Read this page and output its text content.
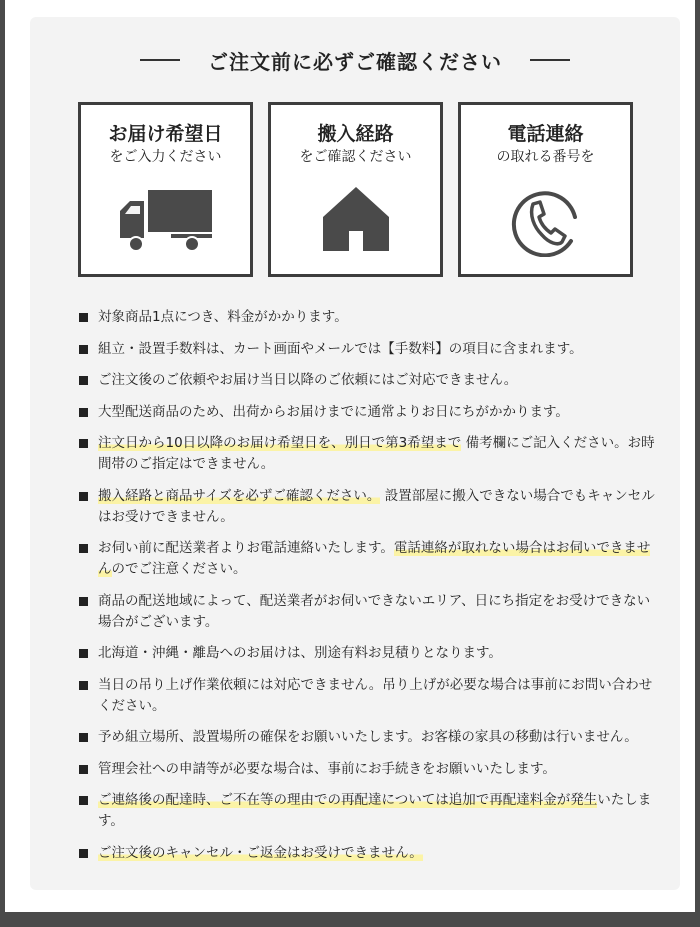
ご注文前に必ずご確認ください
お届け希望日
をご入力ください
搬入経路
をご確認ください
電話連絡
の取れる番号を
対象商品1点につき、料金がかかります。
組立・設置手数料は、カート画面やメールでは【手数料】の項目に含まれます。
ご注文後のご依頼やお届け当日以降のご依頼にはご対応できません。
大型配送商品のため、出荷からお届けまでに通常よりお日にちがかかります。
注文日から10日以降のお届け希望日を、別日で第3希望まで 備考欄にご記入ください。お時間帯のご指定はできません。
搬入経路と商品サイズを必ずご確認ください。 設置部屋に搬入できない場合でもキャンセルはお受けできません。
お伺い前に配送業者よりお電話連絡いたします。電話連絡が取れない場合はお伺いできませんのでご注意ください。
商品の配送地域によって、配送業者がお伺いできないエリア、日にち指定をお受けできない場合がございます。
北海道・沖縄・離島へのお届けは、別途有料お見積りとなります。
当日の吊り上げ作業依頼には対応できません。吊り上げが必要な場合は事前にお問い合わせください。
予め組立場所、設置場所の確保をお願いいたします。お客様の家具の移動は行いません。
管理会社への申請等が必要な場合は、事前にお手続きをお願いいたします。
ご連絡後の配達時、ご不在等の理由での再配達については追加で再配達料金が発生いたします。
ご注文後のキャンセル・ご返金はお受けできません。
